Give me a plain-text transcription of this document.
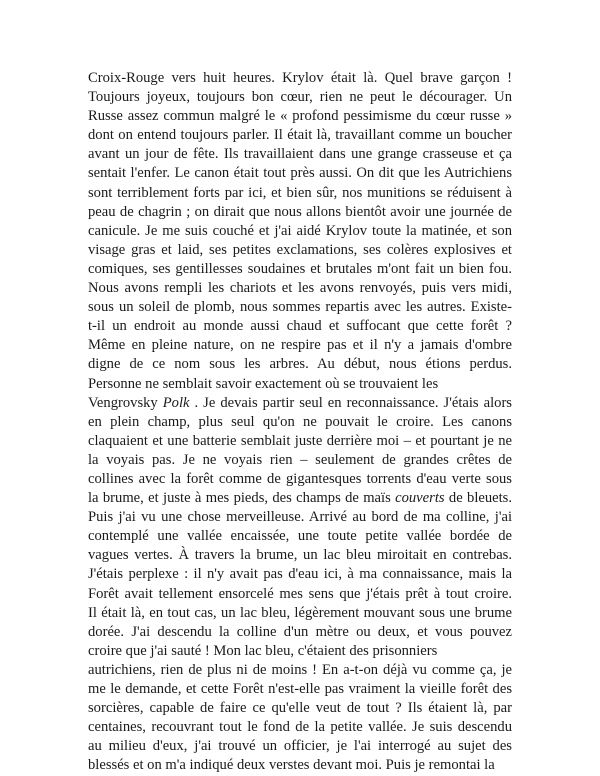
Croix-Rouge vers huit heures. Krylov était là. Quel brave garçon !
Toujours joyeux, toujours bon cœur, rien ne peut le décourager. Un
Russe assez commun malgré le « profond pessimisme du cœur russe »
dont on entend toujours parler. Il était là, travaillant comme un boucher
avant un jour de fête. Ils travaillaient dans une grange crasseuse et ça
sentait l'enfer. Le canon était tout près aussi. On dit que les Autrichiens
sont terriblement forts par ici, et bien sûr, nos munitions se réduisent à
peau de chagrin ; on dirait que nous allons bientôt avoir une journée de
canicule. Je me suis couché et j'ai aidé Krylov toute la matinée, et son
visage gras et laid, ses petites exclamations, ses colères explosives et
comiques, ses gentillesses soudaines et brutales m'ont fait un bien fou.
Nous avons rempli les chariots et les avons renvoyés, puis vers midi,
sous un soleil de plomb, nous sommes repartis avec les autres. Existe-
t-il un endroit au monde aussi chaud et suffocant que cette forêt ?
Même en pleine nature, on ne respire pas et il n'y a jamais d'ombre
digne de ce nom sous les arbres. Au début, nous étions perdus.
Personne ne semblait savoir exactement où se trouvaient les
Vengrovsky Polk . Je devais partir seul en reconnaissance. J'étais alors
en plein champ, plus seul qu'on ne pouvait le croire. Les canons
claquaient et une batterie semblait juste derrière moi – et pourtant je ne
la voyais pas. Je ne voyais rien – seulement de grandes crêtes de
collines avec la forêt comme de gigantesques torrents d'eau verte sous
la brume, et juste à mes pieds, des champs de maïs couverts de bleuets.
Puis j'ai vu une chose merveilleuse. Arrivé au bord de ma colline, j'ai
contemplé une vallée encaissée, une toute petite vallée bordée de
vagues vertes. À travers la brume, un lac bleu miroitait en contrebas.
J'étais perplexe : il n'y avait pas d'eau ici, à ma connaissance, mais la
Forêt avait tellement ensorcelé mes sens que j'étais prêt à tout croire.
Il était là, en tout cas, un lac bleu, légèrement mouvant sous une brume
dorée. J'ai descendu la colline d'un mètre ou deux, et vous pouvez
croire que j'ai sauté ! Mon lac bleu, c'étaient des prisonniers
autrichiens, rien de plus ni de moins ! En a-t-on déjà vu comme ça, je
me le demande, et cette Forêt n'est-elle pas vraiment la vieille forêt des
sorcières, capable de faire ce qu'elle veut de tout ? Ils étaient là, par
centaines, recouvrant tout le fond de la petite vallée. Je suis descendu
au milieu d'eux, j'ai trouvé un officier, je l'ai interrogé au sujet des
blessés et on m'a indiqué deux verstes devant moi. Puis je remontai la
